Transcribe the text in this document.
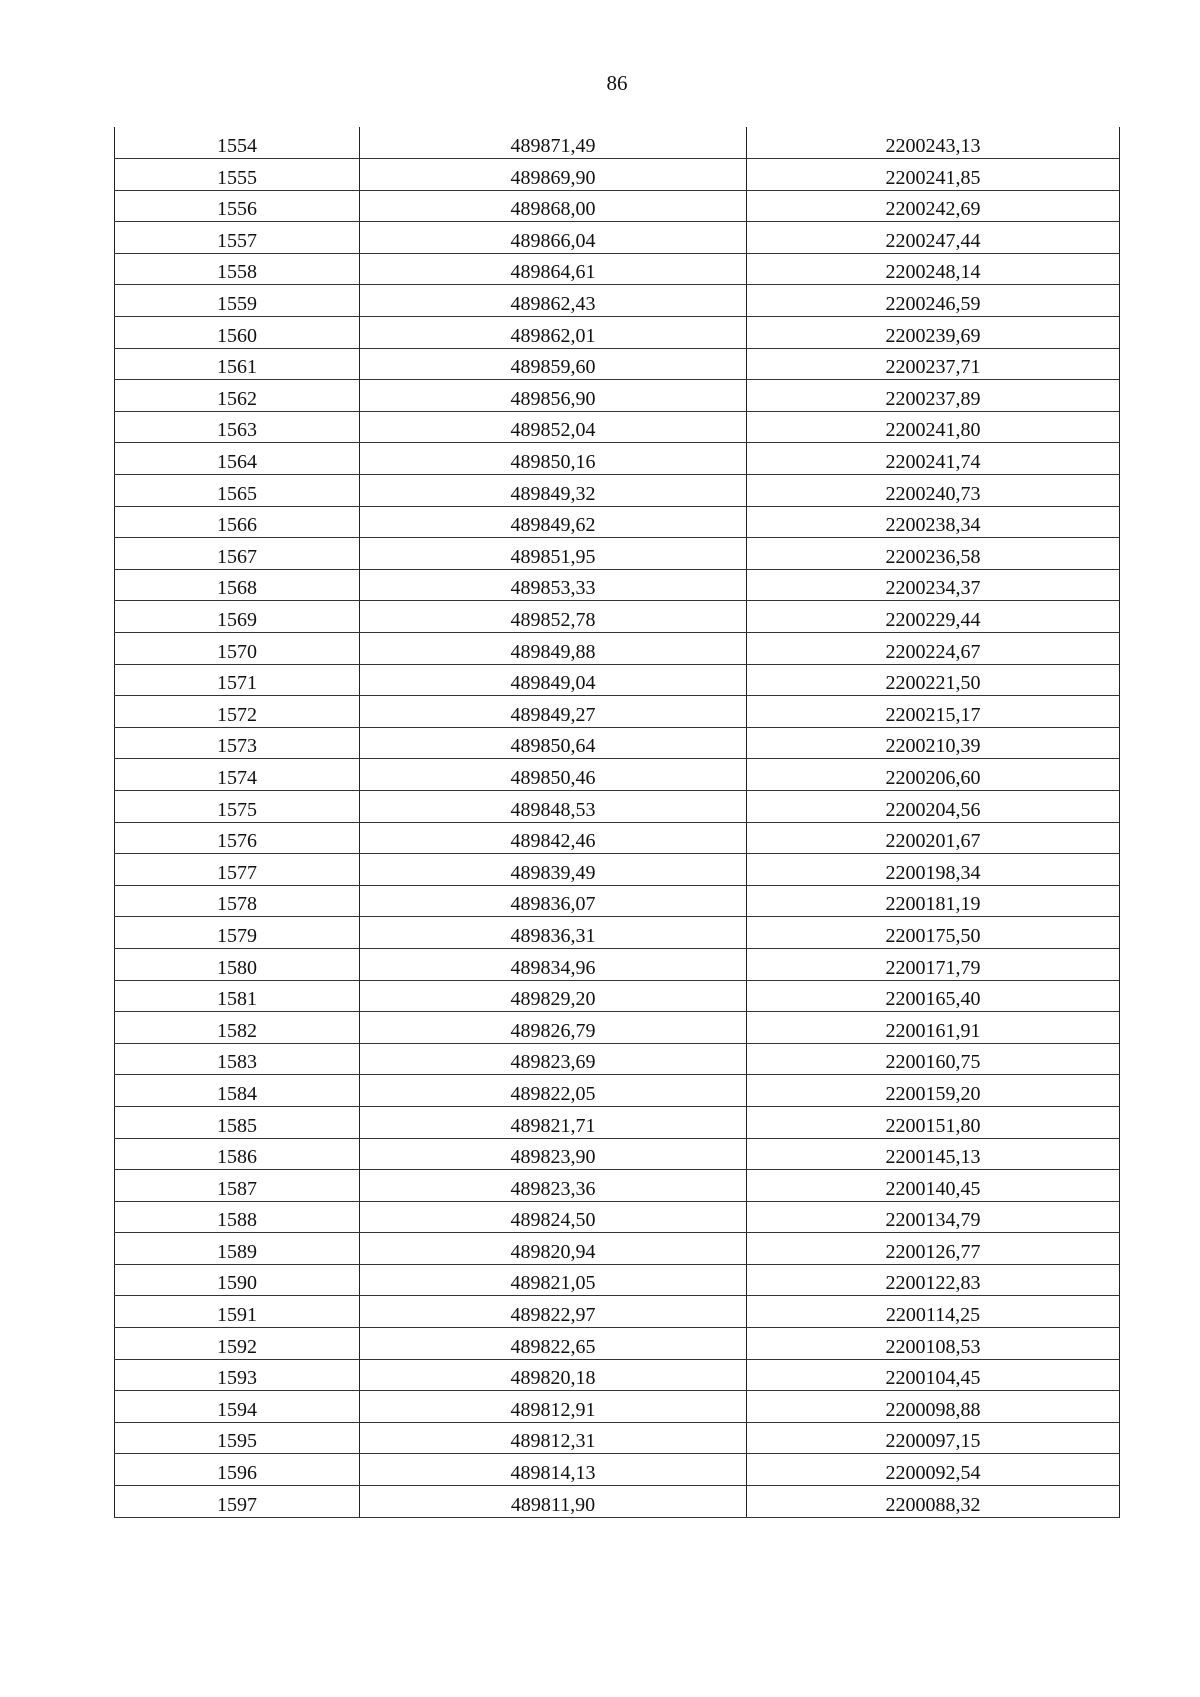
86
1554	489871,49	2200243,13
1555	489869,90	2200241,85
1556	489868,00	2200242,69
1557	489866,04	2200247,44
1558	489864,61	2200248,14
1559	489862,43	2200246,59
1560	489862,01	2200239,69
1561	489859,60	2200237,71
1562	489856,90	2200237,89
1563	489852,04	2200241,80
1564	489850,16	2200241,74
1565	489849,32	2200240,73
1566	489849,62	2200238,34
1567	489851,95	2200236,58
1568	489853,33	2200234,37
1569	489852,78	2200229,44
1570	489849,88	2200224,67
1571	489849,04	2200221,50
1572	489849,27	2200215,17
1573	489850,64	2200210,39
1574	489850,46	2200206,60
1575	489848,53	2200204,56
1576	489842,46	2200201,67
1577	489839,49	2200198,34
1578	489836,07	2200181,19
1579	489836,31	2200175,50
1580	489834,96	2200171,79
1581	489829,20	2200165,40
1582	489826,79	2200161,91
1583	489823,69	2200160,75
1584	489822,05	2200159,20
1585	489821,71	2200151,80
1586	489823,90	2200145,13
1587	489823,36	2200140,45
1588	489824,50	2200134,79
1589	489820,94	2200126,77
1590	489821,05	2200122,83
1591	489822,97	2200114,25
1592	489822,65	2200108,53
1593	489820,18	2200104,45
1594	489812,91	2200098,88
1595	489812,31	2200097,15
1596	489814,13	2200092,54
1597	489811,90	2200088,32
